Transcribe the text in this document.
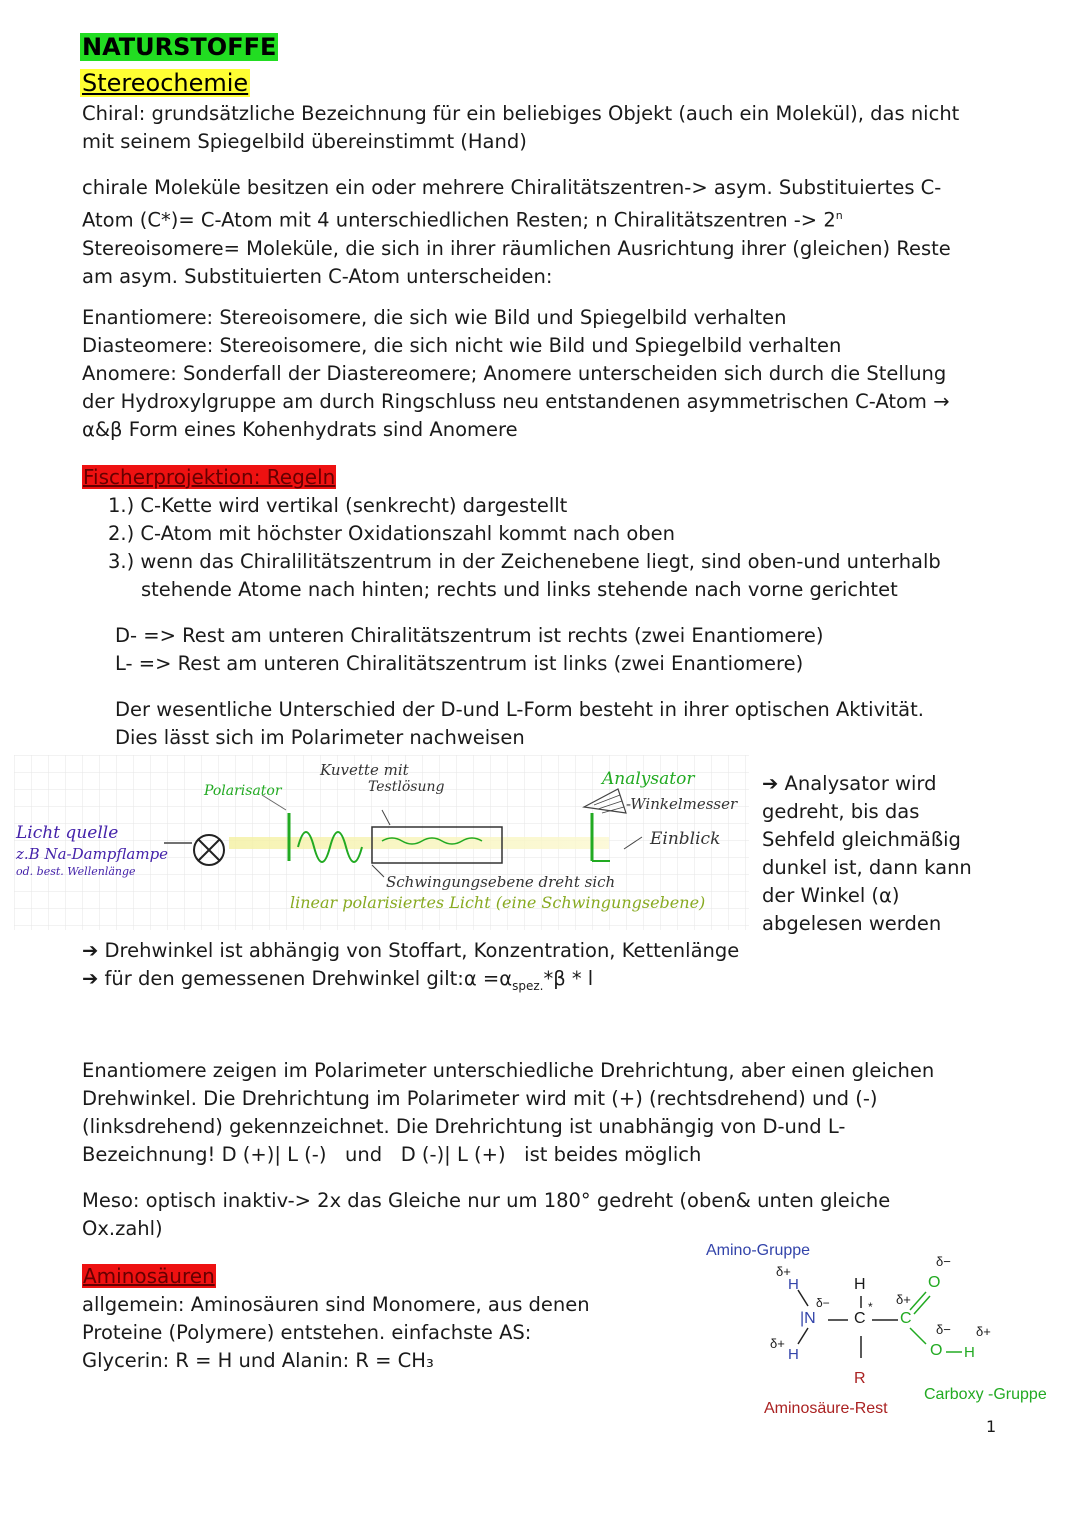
NATURSTOFFE
Stereochemie
Chiral: grundsätzliche Bezeichnung für ein beliebiges Objekt (auch ein Molekül), das nicht
mit seinem Spiegelbild übereinstimmt (Hand)
chirale Moleküle besitzen ein oder mehrere Chiralitätszentren-> asym. Substituiertes C-
Atom (C*)= C-Atom mit 4 unterschiedlichen Resten; n Chiralitätszentren -> $2^n$
Stereoisomere= Moleküle, die sich in ihrer räumlichen Ausrichtung ihrer (gleichen) Reste
am asym. Substituierten C-Atom unterscheiden:
Enantiomere: Stereoisomere, die sich wie Bild und Spiegelbild verhalten
Diasteomere: Stereoisomere, die sich nicht wie Bild und Spiegelbild verhalten
Anomere: Sonderfall der Diastereomere; Anomere unterscheiden sich durch die Stellung
der Hydroxylgruppe am durch Ringschluss neu entstandenen asymmetrischen C-Atom →
α&β Form eines Kohenhydrats sind Anomere
Fischerprojektion: Regeln
1.) C-Kette wird vertikal (senkrecht) dargestellt
2.) C-Atom mit höchster Oxidationszahl kommt nach oben
3.) wenn das Chiralilitätszentrum in der Zeichenebene liegt, sind oben-und unterhalb
stehende Atome nach hinten; rechts und links stehende nach vorne gerichtet
D- => Rest am unteren Chiralitätszentrum ist rechts (zwei Enantiomere)
L- => Rest am unteren Chiralitätszentrum ist links (zwei Enantiomere)
Der wesentliche Unterschied der D-und L-Form besteht in ihrer optischen Aktivität.
Dies lässt sich im Polarimeter nachweisen
Licht quelle
z.B Na-Dampflampe
od. best. Wellenlänge
Polarisator
Kuvette mit
Testlösung	Analysator
-Winkelmesser
Einblick
Schwingungsebene dreht sich
linear polarisiertes Licht (eine Schwingungsebene)
➔ Analysator wird
gedreht, bis das
Sehfeld gleichmäßig
dunkel ist, dann kann
der Winkel (α)
abgelesen werden
➔ Drehwinkel ist abhängig von Stoffart, Konzentration, Kettenlänge
➔ für den gemessenen Drehwinkel gilt:α $=\alpha_{spez.}*\beta * l$
Enantiomere zeigen im Polarimeter unterschiedliche Drehrichtung, aber einen gleichen
Drehwinkel. Die Drehrichtung im Polarimeter wird mit (+) (rechtsdrehend) und (-)
(linksdrehend) gekennzeichnet. Die Drehrichtung ist unabhängig von D-und L-
Bezeichnung! D (+)| L (-)   und   D (-)| L (+)   ist beides möglich
Meso: optisch inaktiv-> 2x das Gleiche nur um 180° gedreht (oben& unten gleiche
Ox.zahl)
Aminosäuren
allgemein: Aminosäuren sind Monomere, aus denen
Proteine (Polymere) entstehen. einfachste AS:
Glycerin: R = H und Alanin: R = CH₃
Amino-Gruppe
δ+
H
δ−
|N
δ+
H
H
C
*
R
C
δ+
O
δ−
O
δ−
H
δ+
Carboxy -Gruppe
Aminosäure-Rest
1
